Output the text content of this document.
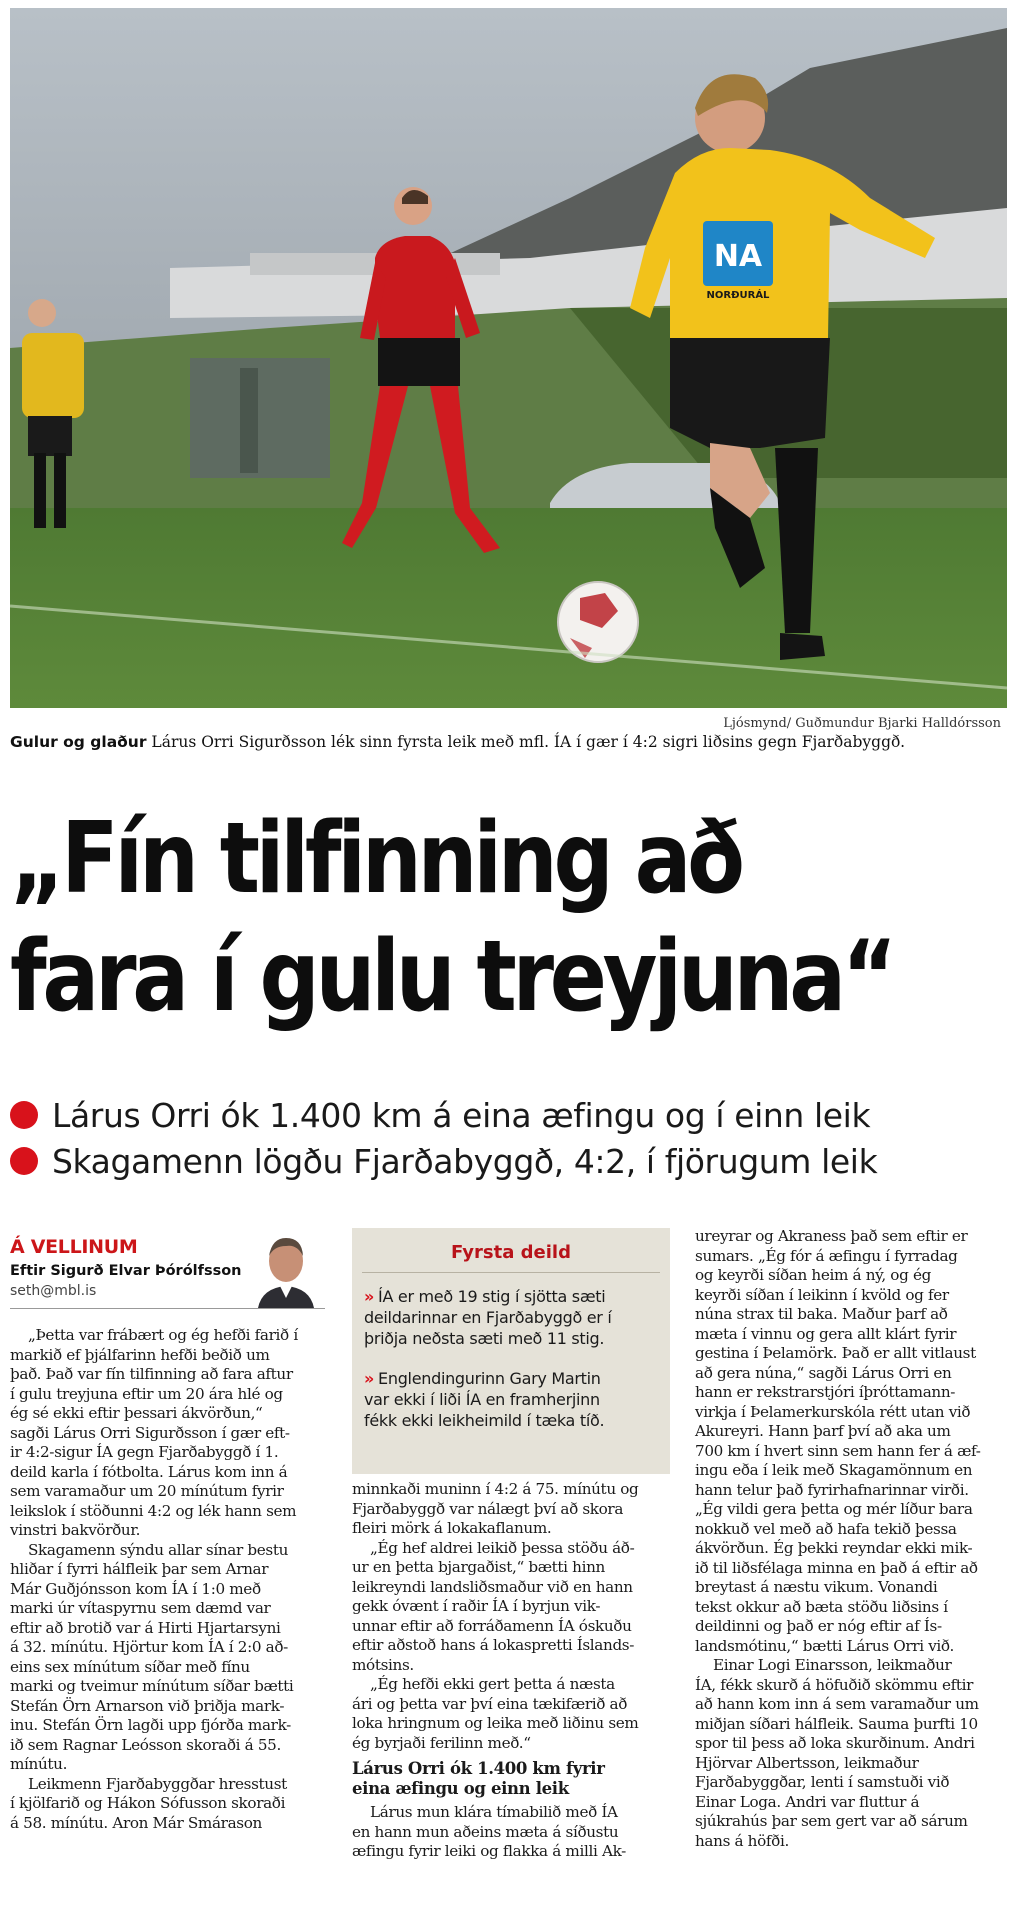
NA
NORÐURÁL
Ljósmynd/ Guðmundur Bjarki Halldórsson
Gulur og glaður Lárus Orri Sigurðsson lék sinn fyrsta leik með mfl. ÍA í gær í 4:2 sigri liðsins gegn Fjarðabyggð.
„Fín tilfinning að
fara í gulu treyjuna“
Lárus Orri ók 1.400 km á eina æfingu og í einn leik
Skagamenn lögðu Fjarðabyggð, 4:2, í fjörugum leik
Á VELLINUM
Eftir Sigurð Elvar Þórólfsson
seth@mbl.is

„Þetta var frábært og ég hefði farið í

markið ef þjálfarinn hefði beðið um

það. Það var fín tilfinning að fara aftur

í gulu treyjuna eftir um 20 ára hlé og

ég sé ekki eftir þessari ákvörðun,“

sagði Lárus Orri Sigurðsson í gær eft-

ir 4:2-sigur ÍA gegn Fjarðabyggð í 1.

deild karla í fótbolta. Lárus kom inn á

sem varamaður um 20 mínútum fyrir

leikslok í stöðunni 4:2 og lék hann sem

vinstri bakvörður.

Skagamenn sýndu allar sínar bestu

hliðar í fyrri hálfleik þar sem Arnar

Már Guðjónsson kom ÍA í 1:0 með

marki úr vítaspyrnu sem dæmd var

eftir að brotið var á Hirti Hjartarsyni

á 32. mínútu. Hjörtur kom ÍA í 2:0 að-

eins sex mínútum síðar með fínu

marki og tveimur mínútum síðar bætti

Stefán Örn Arnarson við þriðja mark-

inu. Stefán Örn lagði upp fjórða mark-

ið sem Ragnar Leósson skoraði á 55.

mínútu.

Leikmenn Fjarðabyggðar hresstust

í kjölfarið og Hákon Sófusson skoraði

á 58. mínútu. Aron Már Smárason

Fyrsta deild

» ÍA er með 19 stig í sjötta sæti

deildarinnar en Fjarðabyggð er í

þriðja neðsta sæti með 11 stig.

» Englendingurinn Gary Martin

var ekki í liði ÍA en framherjinn

fékk ekki leikheimild í tæka tíð.

minnkaði muninn í 4:2 á 75. mínútu og

Fjarðabyggð var nálægt því að skora

fleiri mörk á lokakaflanum.

„Ég hef aldrei leikið þessa stöðu áð-

ur en þetta bjargaðist,“ bætti hinn

leikreyndi landsliðsmaður við en hann

gekk óvænt í raðir ÍA í byrjun vik-

unnar eftir að forráðamenn ÍA óskuðu

eftir aðstoð hans á lokaspretti Íslands-

mótsins.

„Ég hefði ekki gert þetta á næsta

ári og þetta var því eina tækifærið að

loka hringnum og leika með liðinu sem

ég byrjaði ferilinn með.“

Lárus Orri ók 1.400 km fyrir

eina æfingu og einn leik

Lárus mun klára tímabilið með ÍA

en hann mun aðeins mæta á síðustu

æfingu fyrir leiki og flakka á milli Ak-

ureyrar og Akraness það sem eftir er

sumars. „Ég fór á æfingu í fyrradag

og keyrði síðan heim á ný, og ég

keyrði síðan í leikinn í kvöld og fer

núna strax til baka. Maður þarf að

mæta í vinnu og gera allt klárt fyrir

gestina í Þelamörk. Það er allt vitlaust

að gera núna,“ sagði Lárus Orri en

hann er rekstrarstjóri íþróttamann-

virkja í Þelamerkurskóla rétt utan við

Akureyri. Hann þarf því að aka um

700 km í hvert sinn sem hann fer á æf-

ingu eða í leik með Skagamönnum en

hann telur það fyrirhafnarinnar virði.

„Ég vildi gera þetta og mér líður bara

nokkuð vel með að hafa tekið þessa

ákvörðun. Ég þekki reyndar ekki mik-

ið til liðsfélaga minna en það á eftir að

breytast á næstu vikum. Vonandi

tekst okkur að bæta stöðu liðsins í

deildinni og það er nóg eftir af Ís-

landsmótinu,“ bætti Lárus Orri við.

Einar Logi Einarsson, leikmaður

ÍA, fékk skurð á höfuðið skömmu eftir

að hann kom inn á sem varamaður um

miðjan síðari hálfleik. Sauma þurfti 10

spor til þess að loka skurðinum. Andri

Hjörvar Albertsson, leikmaður

Fjarðabyggðar, lenti í samstuði við

Einar Loga. Andri var fluttur á

sjúkrahús þar sem gert var að sárum

hans á höfði.
